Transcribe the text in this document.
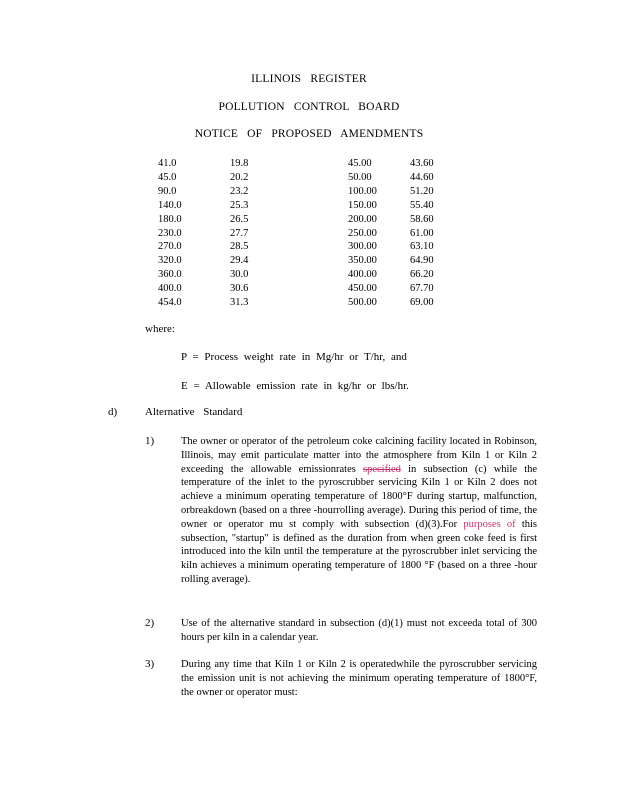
ILLINOIS REGISTER
POLLUTION CONTROL BOARD
NOTICE OF PROPOSED AMENDMENTS
41.0	19.8	45.00	43.60
45.0	20.2	50.00	44.60
90.0	23.2	100.00	51.20
140.0	25.3	150.00	55.40
180.0	26.5	200.00	58.60
230.0	27.7	250.00	61.00
270.0	28.5	300.00	63.10
320.0	29.4	350.00	64.90
360.0	30.0	400.00	66.20
400.0	30.6	450.00	67.70
454.0	31.3	500.00	69.00
where:
P = Process weight rate in Mg/hr or T/hr, and
E = Allowable emission rate in kg/hr or lbs/hr.
d)	Alternative Standard
1)	The owner or operator of the petroleum coke calcining facility located in Robinson, Illinois, may emit particulate matter into the atmosphere from Kiln 1 or Kiln 2 exceeding the allowable emissionrates specified in subsection (c) while the temperature of the inlet to the pyroscrubber servicing Kiln 1 or Kiln 2 does not achieve a minimum operating temperature of 1800°F during startup, malfunction, orbreakdown (based on a three -hourrolling average). During this period of time, the owner or operator mu st comply with subsection (d)(3).For purposes of this subsection, "startup" is defined as the duration from when green coke feed is first introduced into the kiln until the temperature at the pyroscrubber inlet servicing the kiln achieves a minimum operating temperature of 1800 °F (based on a three -hour rolling average).
2)	Use of the alternative standard in subsection (d)(1) must not exceeda total of 300 hours per kiln in a calendar year.
3)	During any time that Kiln 1 or Kiln 2 is operatedwhile the pyroscrubber servicing the emission unit is not achieving the minimum operating temperature of 1800°F, the owner or operator must:
